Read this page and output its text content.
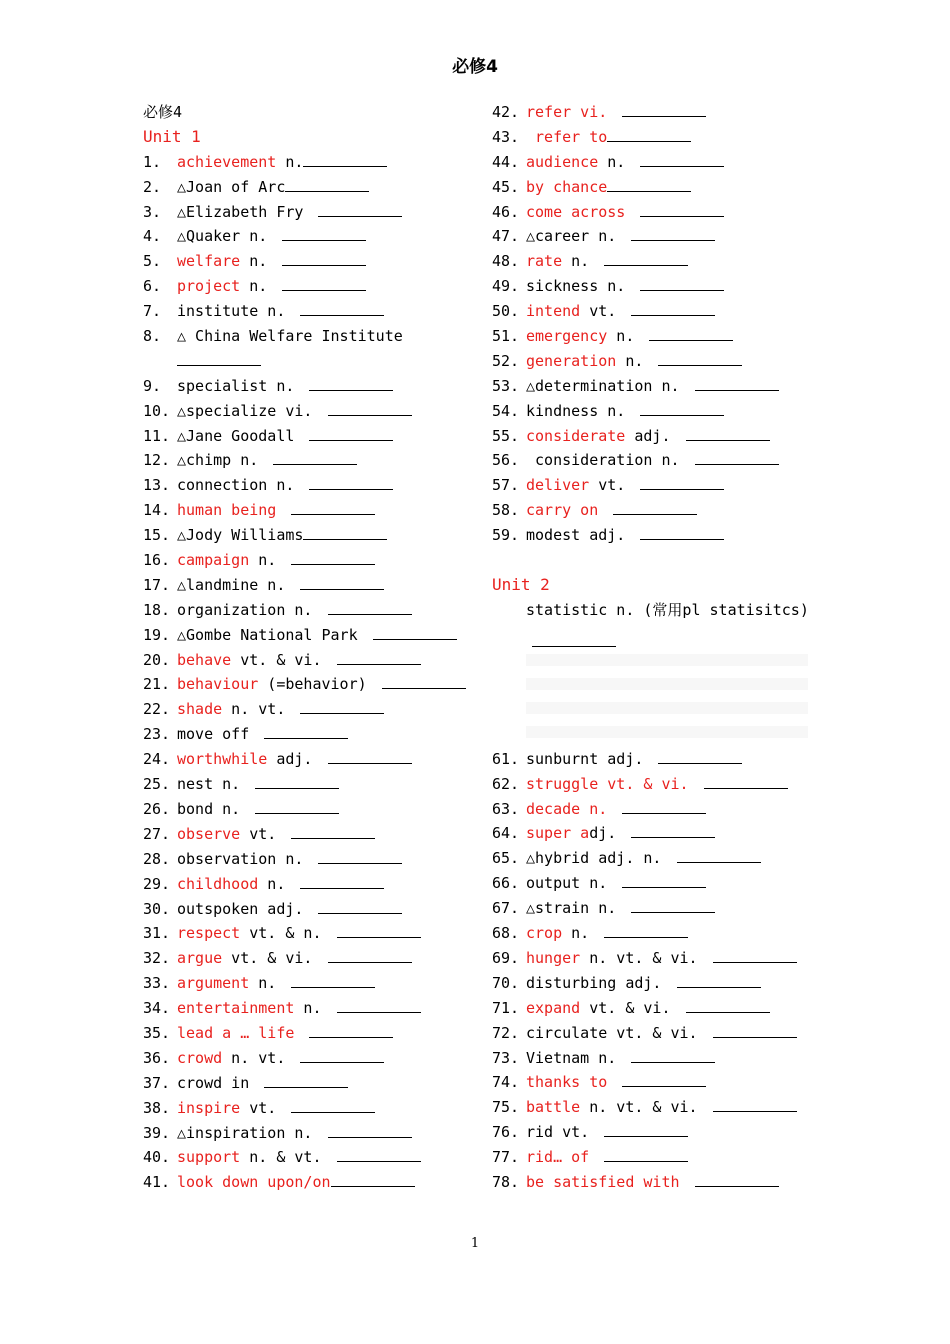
必修4
必修4
Unit 1
1. achievement n.
2. △Joan of Arc
3. △Elizabeth Fry
4. △Quaker n.
5. welfare n.
6. project n.
7. institute n.
8. △ China Welfare Institute
9. specialist n.
10. △specialize vi.
11. △Jane Goodall
12. △chimp n.
13. connection n.
14. human being
15. △Jody Williams
16. campaign n.
17. △landmine n.
18. organization n.
19. △Gombe National Park
20. behave vt. & vi.
21. behaviour (=behavior)
22. shade n. vt.
23. move off
24. worthwhile adj.
25. nest n.
26. bond n.
27. observe vt.
28. observation n.
29. childhood n.
30. outspoken adj.
31. respect vt. & n.
32. argue vt. & vi.
33. argument n.
34. entertainment n.
35. lead a … life
36. crowd n. vt.
37. crowd in
38. inspire vt.
39. △inspiration n.
40. support n. & vt.
41. look down upon/on
42. refer vi.
43. refer to
44. audience n.
45. by chance
46. come across
47. △career n.
48. rate n.
49. sickness n.
50. intend vt.
51. emergency n.
52. generation n.
53. △determination n.
54. kindness n.
55. considerate adj.
56. consideration n.
57. deliver vt.
58. carry on
59. modest adj.
Unit 2
statistic n. (常用pl statisitcs)
61. sunburnt adj.
62. struggle vt. & vi.
63. decade n.
64. super adj.
65. △hybrid adj. n.
66. output n.
67. △strain n.
68. crop n.
69. hunger n. vt. & vi.
70. disturbing adj.
71. expand vt. & vi.
72. circulate vt. & vi.
73. Vietnam n.
74. thanks to
75. battle n. vt. & vi.
76. rid vt.
77. rid… of
78. be satisfied with
1
